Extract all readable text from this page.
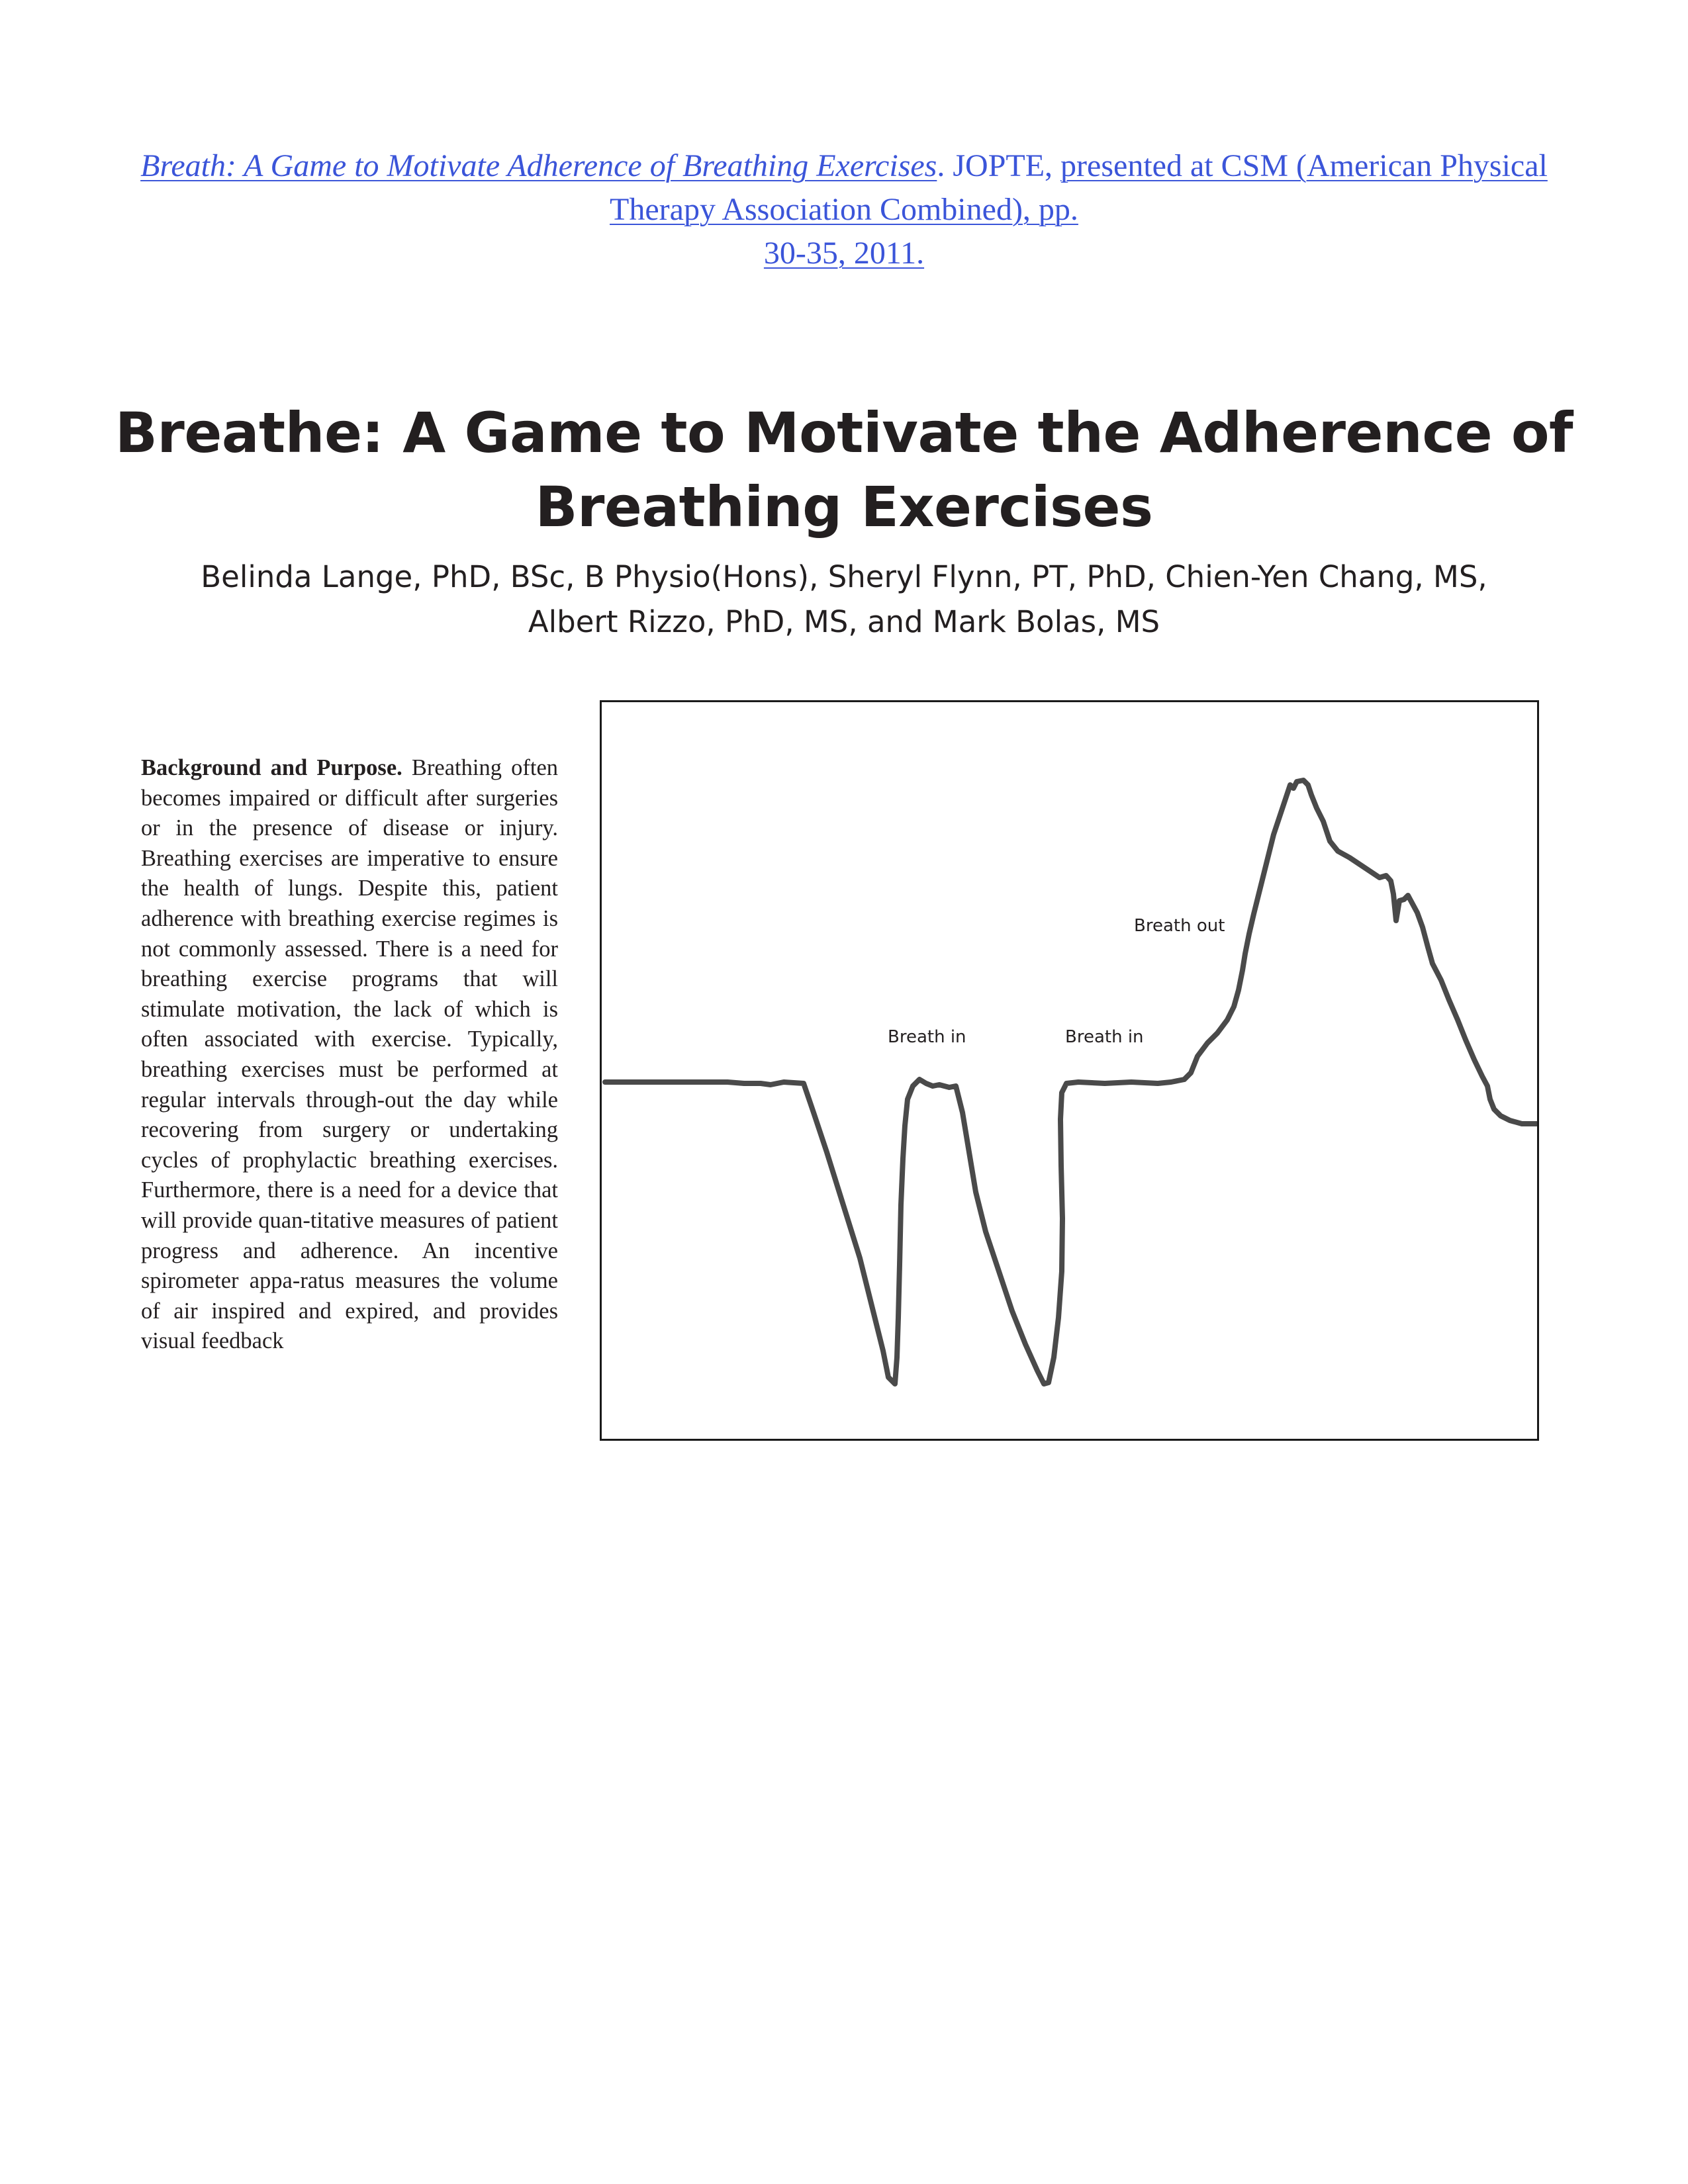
Breath: A Game to Motivate Adherence of Breathing Exercises. JOPTE, presented at CSM (American Physical
Therapy Association Combined), pp.
30-35, 2011.
Breathe: A Game to Motivate the Adherence of
Breathing Exercises
Belinda Lange, PhD, BSc, B Physio(Hons), Sheryl Flynn, PT, PhD, Chien-Yen Chang, MS,
Albert Rizzo, PhD, MS, and Mark Bolas, MS
Background and Purpose. Breathing often becomes impaired or difficult after surgeries or in the presence of disease or injury. Breathing exercises are imperative to ensure the health of lungs. Despite this, patient adherence with breathing exercise regimes is not commonly assessed. There is a need for breathing exercise programs that will stimulate motivation, the lack of which is often associated with exercise. Typically, breathing exercises must be performed at regular intervals through-out the day while recovering from surgery or undertaking cycles of prophylactic breathing exercises. Furthermore, there is a need for a device that will provide quan-titative measures of patient progress and adherence. An incentive spirometer appa-ratus measures the volume of air inspired and expired, and provides visual feedback
Breath in	Breath in
Breath out
